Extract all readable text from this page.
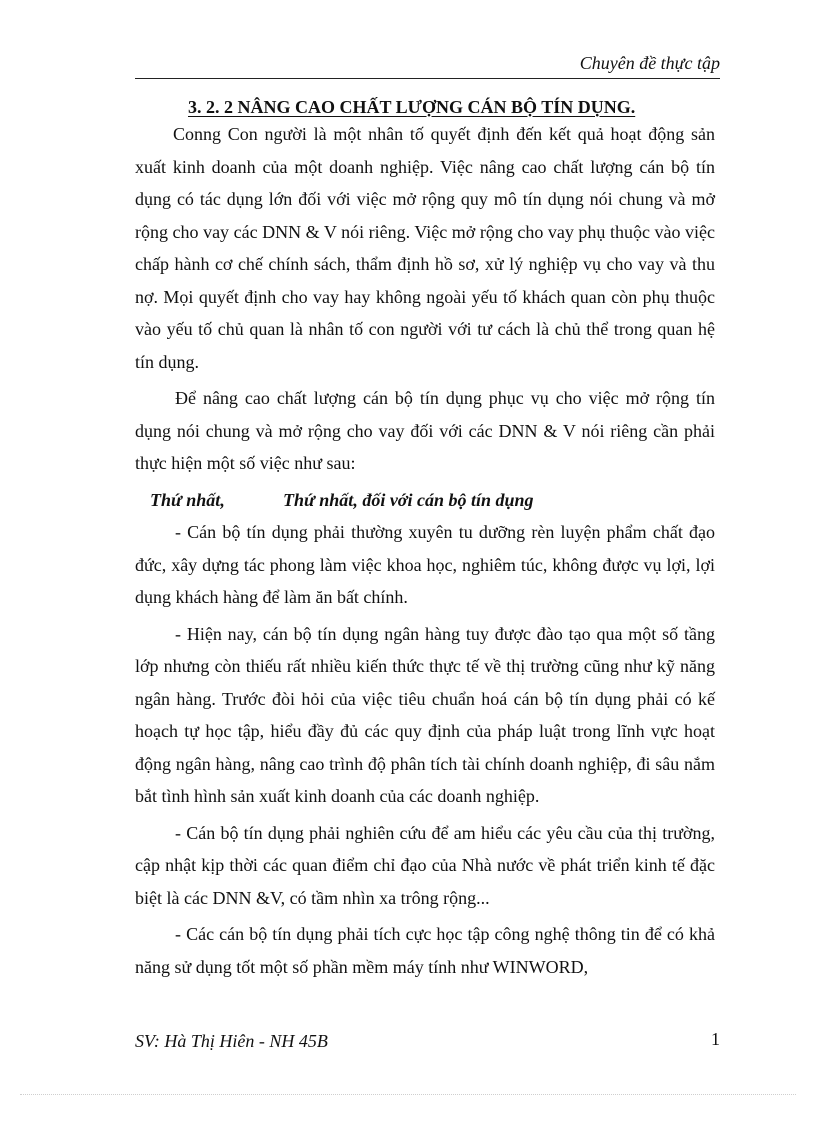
Chuyên đề thực tập
3. 2. 2 NÂNG CAO CHẤT LƯỢNG CÁN BỘ TÍN DỤNG.

Conng Con người là một nhân tố quyết định đến kết quả hoạt động sản xuất kinh doanh của một doanh nghiệp. Việc nâng cao chất lượng cán bộ tín dụng có tác dụng lớn đối với việc mở rộng quy mô tín dụng nói chung và mở rộng cho vay các DNN & V nói riêng. Việc mở rộng cho vay phụ thuộc vào việc chấp hành cơ chế chính sách, thẩm định hồ sơ, xử lý nghiệp vụ cho vay và thu nợ. Mọi quyết định cho vay hay không ngoài yếu tố khách quan còn phụ thuộc vào yếu tố chủ quan là nhân tố con người với tư cách là chủ thể trong quan hệ tín dụng.

Để nâng cao chất lượng cán bộ tín dụng phục vụ cho việc mở rộng tín dụng nói chung và mở rộng cho vay đối với các DNN & V nói riêng cần phải thực hiện một số việc như sau:

Thứ nhất,	Thứ nhất, đối với cán bộ tín dụng

- Cán bộ tín dụng phải thường xuyên tu dưỡng rèn luyện phẩm chất đạo đức, xây dựng tác phong làm việc khoa học, nghiêm túc, không được vụ lợi, lợi dụng khách hàng để làm ăn bất chính.

- Hiện nay, cán bộ tín dụng ngân hàng tuy được đào tạo qua một số tầng lớp nhưng còn thiếu rất nhiều kiến thức thực tế về thị trường cũng như kỹ năng ngân hàng. Trước đòi hỏi của việc tiêu chuẩn hoá cán bộ tín dụng phải có kế hoạch tự học tập, hiểu đầy đủ các quy định của pháp luật trong lĩnh vực hoạt động ngân hàng, nâng cao trình độ phân tích tài chính doanh nghiệp, đi sâu nắm bắt tình hình sản xuất kinh doanh của các doanh nghiệp.

- Cán bộ tín dụng phải nghiên cứu để am hiểu các yêu cầu của thị trường, cập nhật kịp thời các quan điểm chỉ đạo của Nhà nước về phát triển kinh tế đặc biệt là các DNN &V, có tầm nhìn xa trông rộng...

- Các cán bộ tín dụng phải tích cực học tập công nghệ thông tin để có khả năng sử dụng tốt một số phần mềm máy tính như WINWORD,

SV: Hà Thị Hiên - NH 45B	1
